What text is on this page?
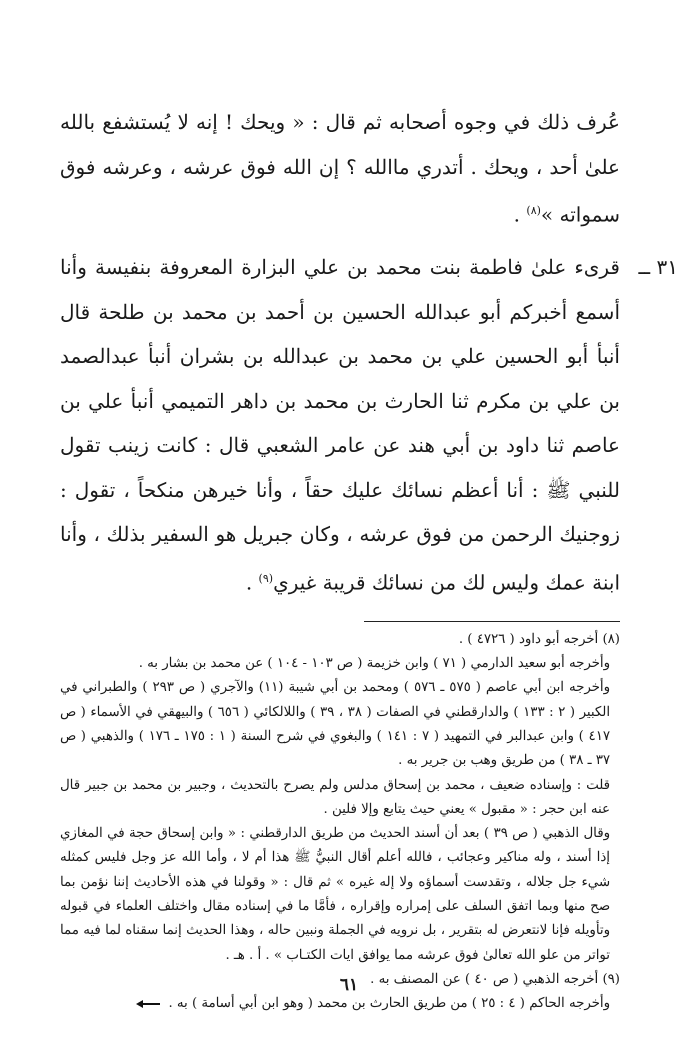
عُرف ذلك في وجوه أصحابه ثم قال : « ويحك ! إنه لا يُستشفع بالله علىٰ أحد ، ويحك . أتدري ماالله ؟ إن الله فوق عرشه ، وعرشه فوق سمواته »$^{(٨)}$ .

٣١ ــ
قرىء علىٰ فاطمة بنت محمد بن علي البزارة المعروفة بنفيسة وأنا أسمع أخبركم أبو عبدالله الحسين بن أحمد بن محمد بن طلحة قال أنبأ أبو الحسين علي بن محمد بن عبدالله بن بشران أنبأ عبدالصمد بن علي بن مكرم ثنا الحارث بن محمد بن داهر التميمي أنبأ علي بن عاصم ثنا داود بن أبي هند عن عامر الشعبي قال : كانت زينب تقول للنبي ﷺ : أنا أعظم نسائك عليك حقاً ، وأنا خيرهن منكحاً ، تقول : زوجنيك الرحمن من فوق عرشه ، وكان جبريل هو السفير بذلك ، وأنا ابنة عمك وليس لك من نسائك قريبة غيري$^{(٩)}$ .

(٨) أخرجه أبو داود ( ٤٧٢٦ ) .

وأخرجه أبو سعيد الدارمي ( ٧١ ) وابن خزيمة ( ص ١٠٣ - ١٠٤ ) عن محمد بن بشار به .

وأخرجه ابن أبي عاصم ( ٥٧٥ ـ ٥٧٦ ) ومحمد بن أبي شيبة (١١) والآجري ( ص ٢٩٣ ) والطبراني في الكبير ( ٢ : ١٣٣ ) والدارقطني في الصفات ( ٣٨ ، ٣٩ ) واللالكائي ( ٦٥٦ ) والبيهقي في الأسماء ( ص ٤١٧ ) وابن عبدالبر في التمهيد ( ٧ : ١٤١ ) والبغوي في شرح السنة ( ١ : ١٧٥ ـ ١٧٦ ) والذهبي ( ص ٣٧ ـ ٣٨ ) من طريق وهب بن جرير به .

قلت : وإسناده ضعيف ، محمد بن إسحاق مدلس ولم يصرح بالتحديث ، وجبير بن محمد بن جبير قال عنه ابن حجر : « مقبول » يعني حيث يتابع وإلا فلين .

وقال الذهبي ( ص ٣٩ ) بعد أن أسند الحديث من طريق الدارقطني : « وابن إسحاق حجة في المغازي إذا أسند ، وله مناكير وعجائب ، فالله أعلم أقال النبيُّ ﷺ هذا أم لا ، وأما الله عز وجل فليس كمثله شيء جل جلاله ، وتقدست أسماؤه ولا إله غيره » ثم قال : « وقولنا في هذه الأحاديث إننا نؤمن بما صح منها وبما اتفق السلف على إمراره وإقراره ، فأمَّا ما في إسناده مقال واختلف العلماء في قبوله وتأويله فإنا لانتعرض له بتقرير ، بل نرويه في الجملة ونبين حاله ، وهذا الحديث إنما سقناه لما فيه مما تواتر من علو الله تعالىٰ فوق عرشه مما يوافق ايات الكتـاب » . أ . هـ .

(٩) أخرجه الذهبي ( ص ٤٠ ) عن المصنف به .

وأخرجه الحاكم ( ٤ : ٢٥ ) من طريق الحارث بن محمد ( وهو ابن أبي أسامة ) به .

٦١
